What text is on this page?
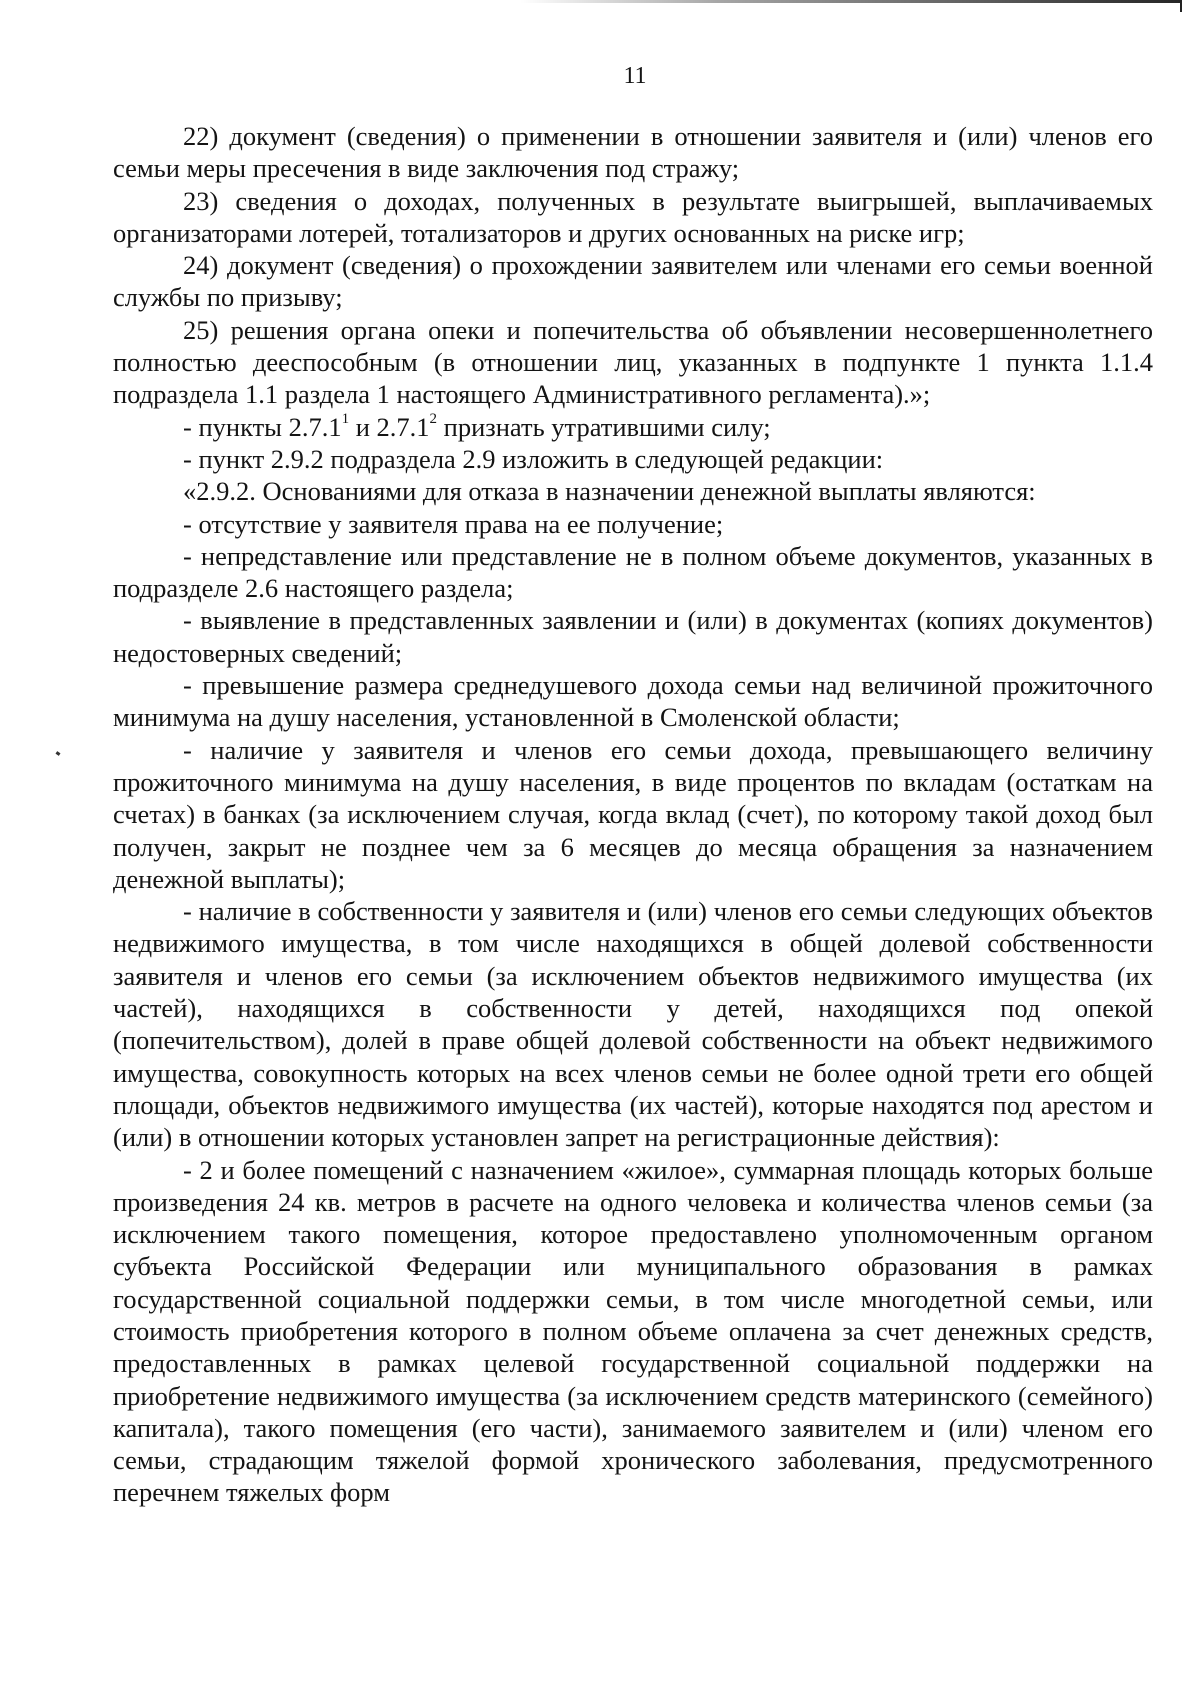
11

22) документ (сведения) о применении в отношении заявителя и (или) членов его семьи меры пресечения в виде заключения под стражу;

23) сведения о доходах, полученных в результате выигрышей, выплачиваемых организаторами лотерей, тотализаторов и других основанных на риске игр;

24) документ (сведения) о прохождении заявителем или членами его семьи военной службы по призыву;

25) решения органа опеки и попечительства об объявлении несовершеннолетнего полностью дееспособным (в отношении лиц, указанных в подпункте 1 пункта 1.1.4 подраздела 1.1 раздела 1 настоящего Административного регламента).»;

- пункты 2.7.1$^1$ и 2.7.1$^2$ признать утратившими силу;

- пункт 2.9.2 подраздела 2.9 изложить в следующей редакции:

«2.9.2. Основаниями для отказа в назначении денежной выплаты являются:

- отсутствие у заявителя права на ее получение;

- непредставление или представление не в полном объеме документов, указанных в подразделе 2.6 настоящего раздела;

- выявление в представленных заявлении и (или) в документах (копиях документов) недостоверных сведений;

- превышение размера среднедушевого дохода семьи над величиной прожиточного минимума на душу населения, установленной в Смоленской области;

- наличие у заявителя и членов его семьи дохода, превышающего величину прожиточного минимума на душу населения, в виде процентов по вкладам (остаткам на счетах) в банках (за исключением случая, когда вклад (счет), по которому такой доход был получен, закрыт не позднее чем за 6 месяцев до месяца обращения за назначением денежной выплаты);

- наличие в собственности у заявителя и (или) членов его семьи следующих объектов недвижимого имущества, в том числе находящихся в общей долевой собственности заявителя и членов его семьи (за исключением объектов недвижимого имущества (их частей), находящихся в собственности у детей, находящихся под опекой (попечительством), долей в праве общей долевой собственности на объект недвижимого имущества, совокупность которых на всех членов семьи не более одной трети его общей площади, объектов недвижимого имущества (их частей), которые находятся под арестом и (или) в отношении которых установлен запрет на регистрационные действия):

- 2 и более помещений с назначением «жилое», суммарная площадь которых больше произведения 24 кв. метров в расчете на одного человека и количества членов семьи (за исключением такого помещения, которое предоставлено уполномоченным органом субъекта Российской Федерации или муниципального образования в рамках государственной социальной поддержки семьи, в том числе многодетной семьи, или стоимость приобретения которого в полном объеме оплачена за счет денежных средств, предоставленных в рамках целевой государственной социальной поддержки на приобретение недвижимого имущества (за исключением средств материнского (семейного) капитала), такого помещения (его части), занимаемого заявителем и (или) членом его семьи, страдающим тяжелой формой хронического заболевания, предусмотренного перечнем тяжелых форм
